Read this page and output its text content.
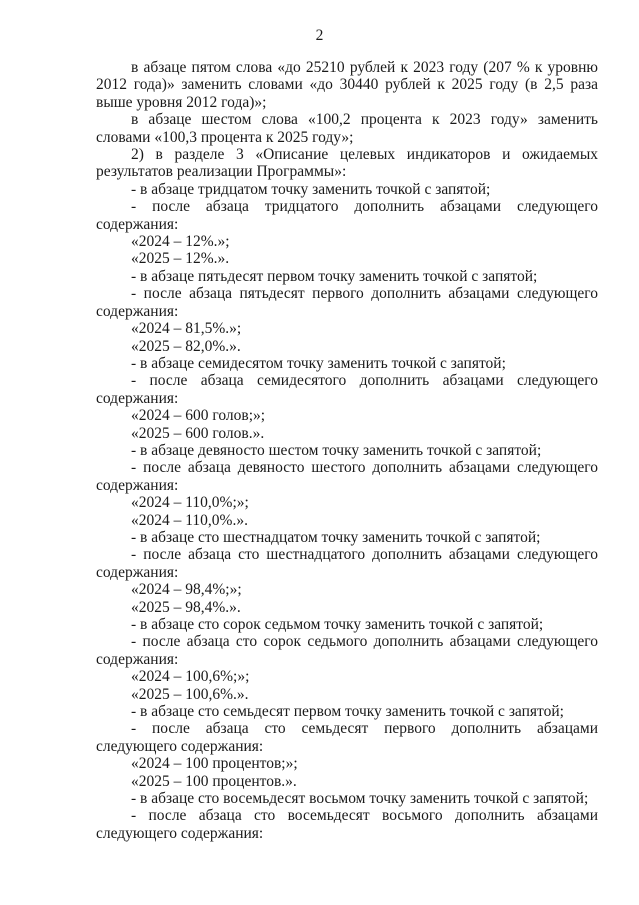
2

в абзаце пятом слова «до 25210 рублей к 2023 году (207 % к уровню 2012 года)» заменить словами «до 30440 рублей к 2025 году (в 2,5 раза выше уровня 2012 года)»;

в абзаце шестом слова «100,2 процента к 2023 году» заменить словами «100,3 процента к 2025 году»;

2) в разделе 3 «Описание целевых индикаторов и ожидаемых результатов реализации Программы»:

- в абзаце тридцатом точку заменить точкой с запятой;

- после абзаца тридцатого дополнить абзацами следующего содержания:

«2024 – 12%.»;

«2025 – 12%.».

- в абзаце пятьдесят первом точку заменить точкой с запятой;

- после абзаца пятьдесят первого дополнить абзацами следующего содержания:

«2024 – 81,5%.»;

«2025 – 82,0%.».

- в абзаце семидесятом точку заменить точкой с запятой;

- после абзаца семидесятого дополнить абзацами следующего содержания:

«2024 – 600 голов;»;

«2025 – 600 голов.».

- в абзаце девяносто шестом точку заменить точкой с запятой;

- после абзаца девяносто шестого дополнить абзацами следующего содержания:

«2024 – 110,0%;»;

«2024 – 110,0%.».

- в абзаце сто шестнадцатом точку заменить точкой с запятой;

- после абзаца сто шестнадцатого дополнить абзацами следующего содержания:

«2024 – 98,4%;»;

«2025 – 98,4%.».

- в абзаце сто сорок седьмом точку заменить точкой с запятой;

- после абзаца сто сорок седьмого дополнить абзацами следующего содержания:

«2024 – 100,6%;»;

«2025 – 100,6%.».

- в абзаце сто семьдесят первом точку заменить точкой с запятой;

- после абзаца сто семьдесят первого дополнить абзацами следующего содержания:

«2024 – 100 процентов;»;

«2025 – 100 процентов.».

- в абзаце сто восемьдесят восьмом точку заменить точкой с запятой;

- после абзаца сто восемьдесят восьмого дополнить абзацами следующего содержания:
